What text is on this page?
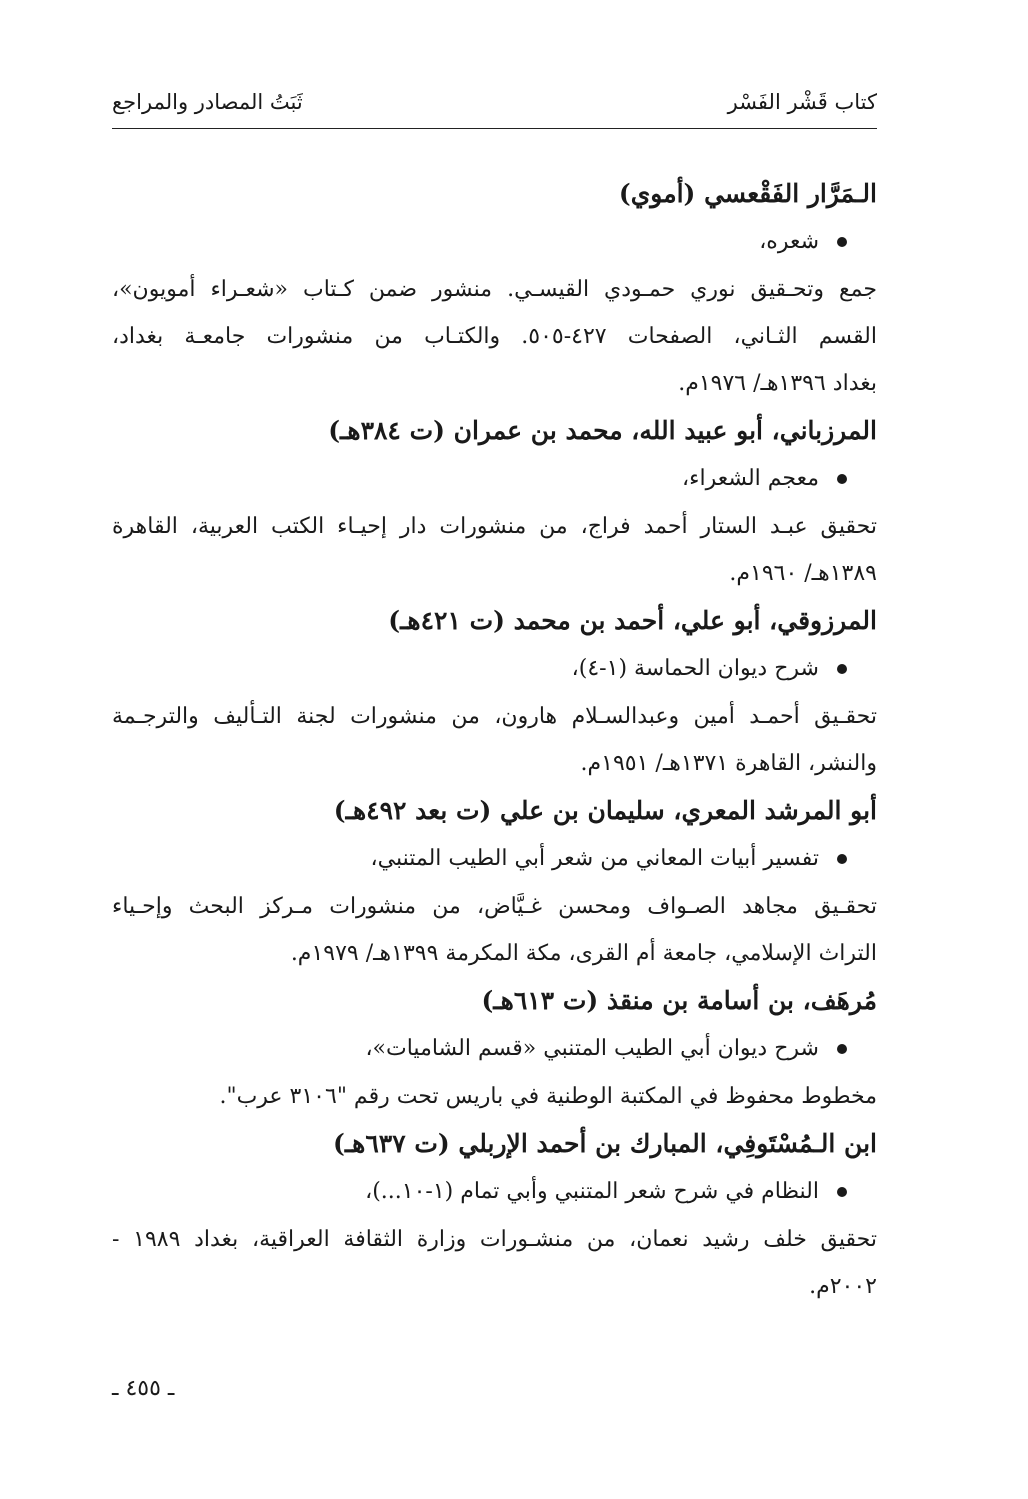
كتاب قَشْر الفَسْر
ثَبَتُ المصادر والمراجع
الـمَرَّار الفَقْعسي (أموي)
شعره،
جمع وتحـقيق نوري حمـودي القيسـي. منشور ضمن كـتاب «شعـراء أمويون»،
القسم الثـاني، الصفحات ٤٢٧-٥٠٥. والكتـاب من منشورات جامعـة بغداد،
بغداد ١٣٩٦هـ/ ١٩٧٦م.
المرزباني، أبو عبيد الله، محمد بن عمران (ت ٣٨٤هـ)
معجم الشعراء،
تحقيق عبـد الستار أحمد فراج، من منشورات دار إحيـاء الكتب العربية، القاهرة
١٣٨٩هـ/ ١٩٦٠م.
المرزوقي، أبو علي، أحمد بن محمد (ت ٤٢١هـ)
شرح ديوان الحماسة (١-٤)،
تحقـيق أحمـد أمين وعبدالسـلام هارون، من منشورات لجنة التـأليف والترجـمة
والنشر، القاهرة ١٣٧١هـ/ ١٩٥١م.
أبو المرشد المعري، سليمان بن علي (ت بعد ٤٩٢هـ)
تفسير أبيات المعاني من شعر أبي الطيب المتنبي،
تحقـيق مجاهد الصـواف ومحسن غـيَّاض، من منشورات مـركز البحث وإحـياء
التراث الإسلامي، جامعة أم القرى، مكة المكرمة ١٣٩٩هـ/ ١٩٧٩م.
مُرهَف، بن أسامة بن منقذ (ت ٦١٣هـ)
شرح ديوان أبي الطيب المتنبي «قسم الشاميات»،
مخطوط محفوظ في المكتبة الوطنية في باريس تحت رقم "٣١٠٦ عرب".
ابن الـمُسْتَوفِي، المبارك بن أحمد الإربلي (ت ٦٣٧هـ)
النظام في شرح شعر المتنبي وأبي تمام (١-١٠...)،
تحقيق خلف رشيد نعمان، من منشـورات وزارة الثقافة العراقية، بغداد ١٩٨٩ -
٢٠٠٢م.
ـ ٤٥٥ ـ
